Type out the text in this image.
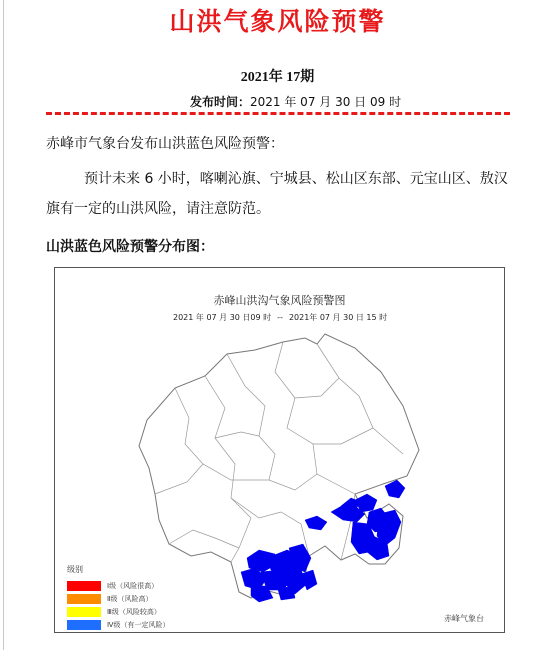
山洪气象风险预警
2021年 17期
发布时间：2021 年 07 月 30 日 09 时
赤峰市气象台发布山洪蓝色风险预警：
预计未来 6 小时，喀喇沁旗、宁城县、松山区东部、元宝山区、敖汉旗有一定的山洪风险，请注意防范。
山洪蓝色风险预警分布图：
赤峰山洪沟气象风险预警图
2021 年 07 月 30 日09 时 -- 2021年 07 月 30 日 15 时
级别
Ⅰ级（风险很高）
Ⅱ级（风险高）
Ⅲ级（风险较高）
Ⅳ级（有一定风险）
赤峰气象台
